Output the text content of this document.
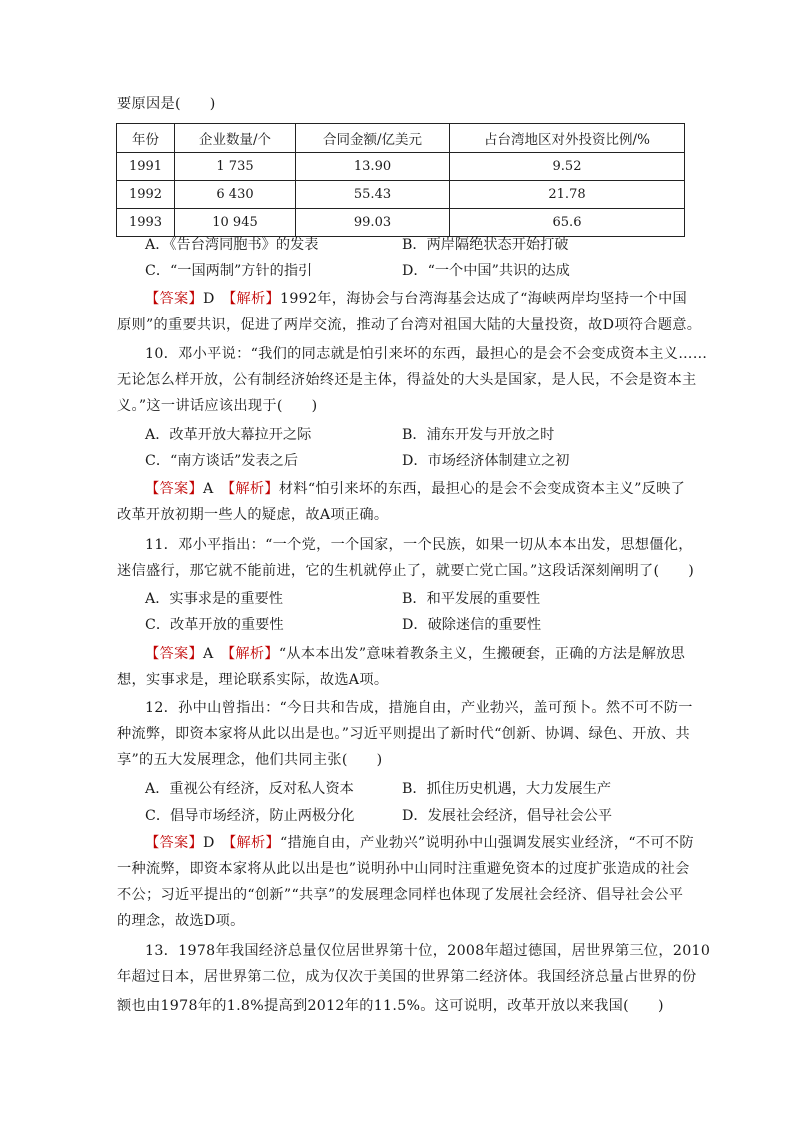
要原因是(　　)
年份	企业数量/个	合同金额/亿美元	占台湾地区对外投资比例/%
1991	1 735	13.90	9.52
1992	6 430	55.43	21.78
1993	10 945	99.03	65.6
A．《告台湾同胞书》的发表	B．两岸隔绝状态开始打破
C．“一国两制”方针的指引	D．“一个中国”共识的达成
【答案】D　 【解析】1992年，海协会与台湾海基会达成了“海峡两岸均坚持一个中国
原则”的重要共识，促进了两岸交流，推动了台湾对祖国大陆的大量投资，故D项符合题意。
10．邓小平说：“我们的同志就是怕引来坏的东西，最担心的是会不会变成资本主义……
无论怎么样开放，公有制经济始终还是主体，得益处的大头是国家，是人民，不会是资本主
义。”这一讲话应该出现于(　　)
A．改革开放大幕拉开之际	B．浦东开发与开放之时
C．“南方谈话”发表之后	D．市场经济体制建立之初
【答案】A　 【解析】材料“怕引来坏的东西，最担心的是会不会变成资本主义”反映了
改革开放初期一些人的疑虑，故A项正确。
11．邓小平指出：“一个党，一个国家，一个民族，如果一切从本本出发，思想僵化，
迷信盛行，那它就不能前进，它的生机就停止了，就要亡党亡国。”这段话深刻阐明了(　　)
A．实事求是的重要性	B．和平发展的重要性
C．改革开放的重要性	D．破除迷信的重要性
【答案】A　 【解析】“从本本出发”意味着教条主义，生搬硬套，正确的方法是解放思
想，实事求是，理论联系实际，故选A项。
12．孙中山曾指出：“今日共和告成，措施自由，产业勃兴，盖可预卜。然不可不防一
种流弊，即资本家将从此以出是也。”习近平则提出了新时代“创新、协调、绿色、开放、共
享”的五大发展理念，他们共同主张(　　)
A．重视公有经济，反对私人资本	B．抓住历史机遇，大力发展生产
C．倡导市场经济，防止两极分化	D．发展社会经济，倡导社会公平
【答案】D　 【解析】“措施自由，产业勃兴”说明孙中山强调发展实业经济，“不可不防
一种流弊，即资本家将从此以出是也”说明孙中山同时注重避免资本的过度扩张造成的社会
不公；习近平提出的“创新”“共享”的发展理念同样也体现了发展社会经济、倡导社会公平
的理念，故选D项。
13．1978年我国经济总量仅位居世界第十位，2008年超过德国，居世界第三位，2010
年超过日本，居世界第二位，成为仅次于美国的世界第二经济体。我国经济总量占世界的份
额也由1978年的1.8%提高到2012年的11.5%。这可说明，改革开放以来我国(　　)
